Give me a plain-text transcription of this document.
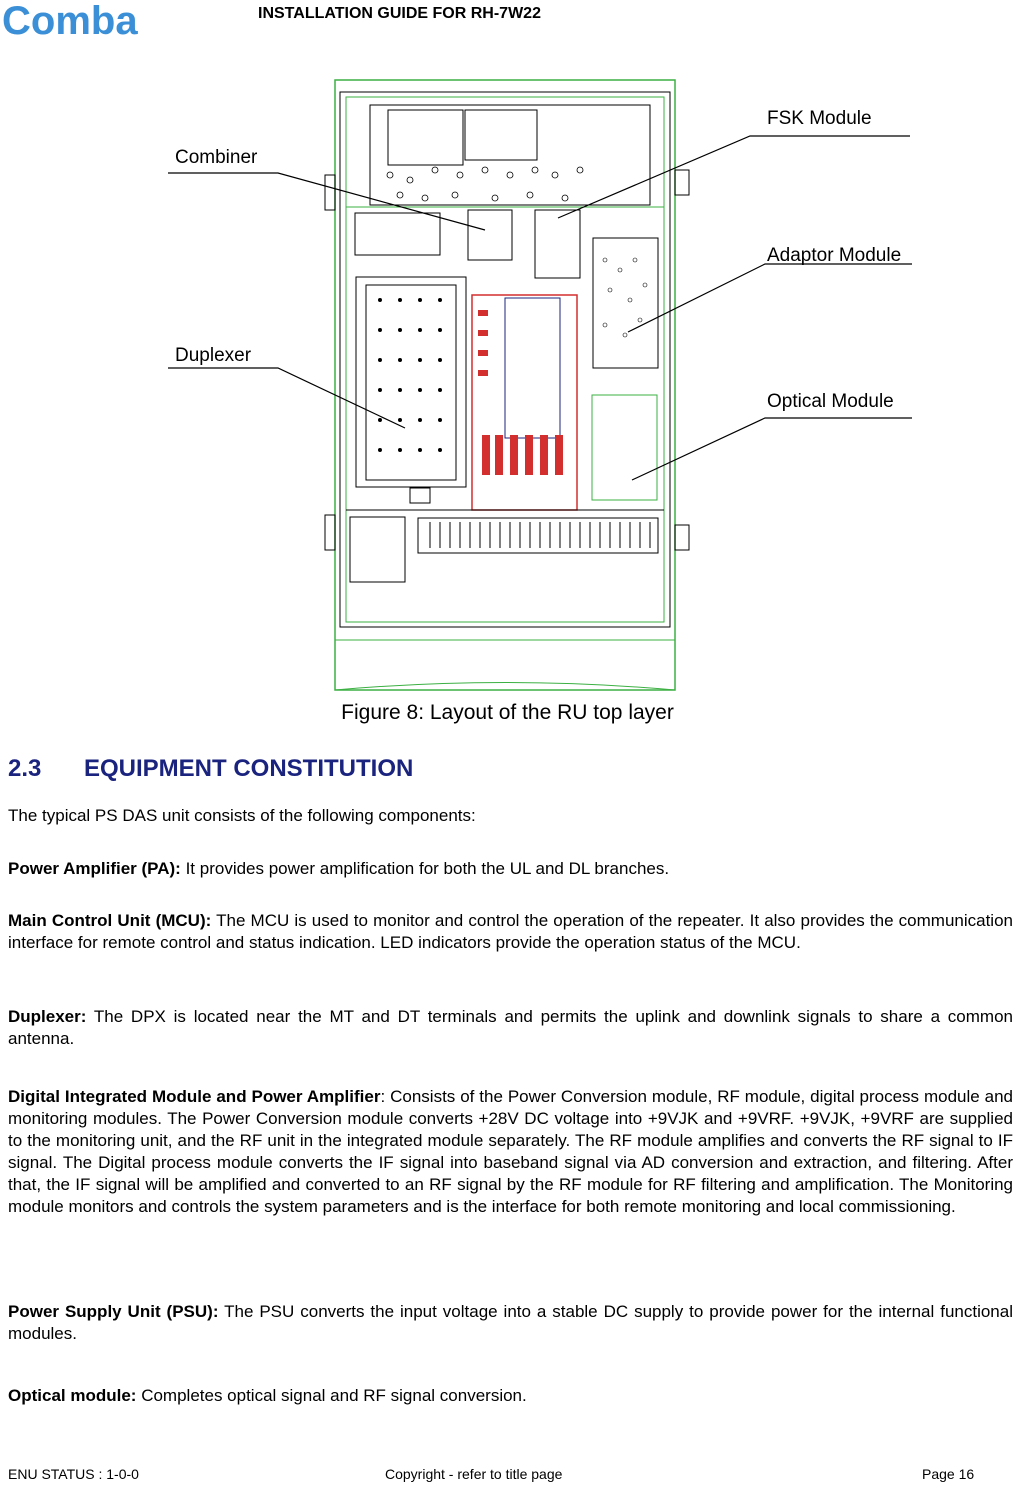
Comba	INSTALLATION GUIDE FOR RH-7W22
Combiner
Duplexer
FSK Module
Adaptor Module
Optical Module
Figure 8: Layout of the RU top layer
2.3 EQUIPMENT CONSTITUTION
The typical PS DAS unit consists of the following components:
Power Amplifier (PA): It provides power amplification for both the UL and DL branches.
Main Control Unit (MCU): The MCU is used to monitor and control the operation of the repeater. It also provides the communication interface for remote control and status indication. LED indicators provide the operation status of the MCU.
Duplexer: The DPX is located near the MT and DT terminals and permits the uplink and downlink signals to share a common antenna.
Digital Integrated Module and Power Amplifier: Consists of the Power Conversion module, RF module, digital process module and monitoring modules. The Power Conversion module converts +28V DC voltage into +9VJK and +9VRF. +9VJK, +9VRF are supplied to the monitoring unit, and the RF unit in the integrated module separately. The RF module amplifies and converts the RF signal to IF signal. The Digital process module converts the IF signal into baseband signal via AD conversion and extraction, and filtering. After that, the IF signal will be amplified and converted to an RF signal by the RF module for RF filtering and amplification. The Monitoring module monitors and controls the system parameters and is the interface for both remote monitoring and local commissioning.
Power Supply Unit (PSU): The PSU converts the input voltage into a stable DC supply to provide power for the internal functional modules.
Optical module: Completes optical signal and RF signal conversion.
ENU STATUS : 1-0-0	Copyright - refer to title page	Page 16
